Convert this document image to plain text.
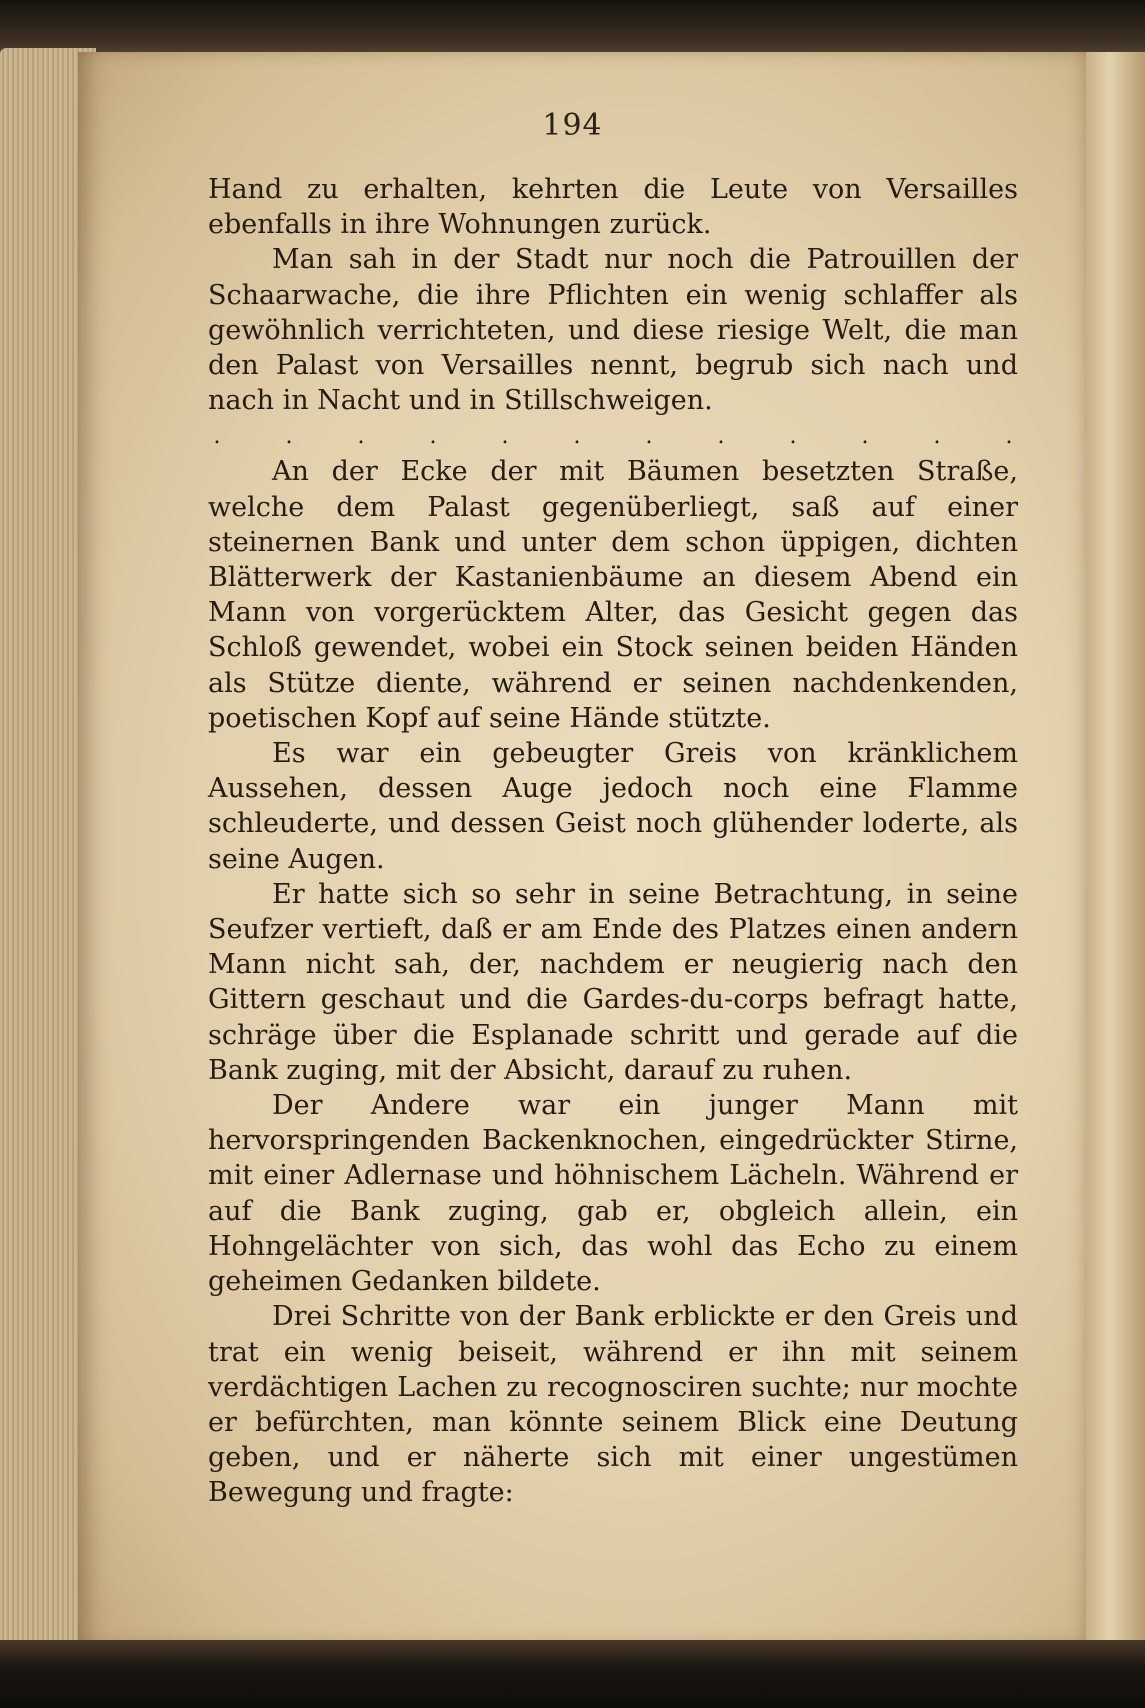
194

Hand zu erhalten, kehrten die Leute von Versailles ebenfalls in ihre Wohnungen zurück.

Man sah in der Stadt nur noch die Patrouillen der Schaarwache, die ihre Pflichten ein wenig schlaffer als gewöhnlich verrichteten, und diese riesige Welt, die man den Palast von Versailles nennt, begrub sich nach und nach in Nacht und in Stillschweigen.

.	.	.	.	.	.	.	.	.	.	.	.

An der Ecke der mit Bäumen besetzten Straße, welche dem Palast gegenüberliegt, saß auf einer steinernen Bank und unter dem schon üppigen, dichten Blätterwerk der Kastanienbäume an diesem Abend ein Mann von vorgerücktem Alter, das Gesicht gegen das Schloß gewendet, wobei ein Stock seinen beiden Händen als Stütze diente, während er seinen nachdenkenden, poetischen Kopf auf seine Hände stützte.

Es war ein gebeugter Greis von kränklichem Aussehen, dessen Auge jedoch noch eine Flamme schleuderte, und dessen Geist noch glühender loderte, als seine Augen.

Er hatte sich so sehr in seine Betrachtung, in seine Seufzer vertieft, daß er am Ende des Platzes einen andern Mann nicht sah, der, nachdem er neugierig nach den Gittern geschaut und die Gardes-du-corps befragt hatte, schräge über die Esplanade schritt und gerade auf die Bank zuging, mit der Absicht, darauf zu ruhen.

Der Andere war ein junger Mann mit hervorspringenden Backenknochen, eingedrückter Stirne, mit einer Adlernase und höhnischem Lächeln. Während er auf die Bank zuging, gab er, obgleich allein, ein Hohngelächter von sich, das wohl das Echo zu einem geheimen Gedanken bildete.

Drei Schritte von der Bank erblickte er den Greis und trat ein wenig beiseit, während er ihn mit seinem verdächtigen Lachen zu recognosciren suchte; nur mochte er befürchten, man könnte seinem Blick eine Deutung geben, und er näherte sich mit einer ungestümen Bewegung und fragte:
